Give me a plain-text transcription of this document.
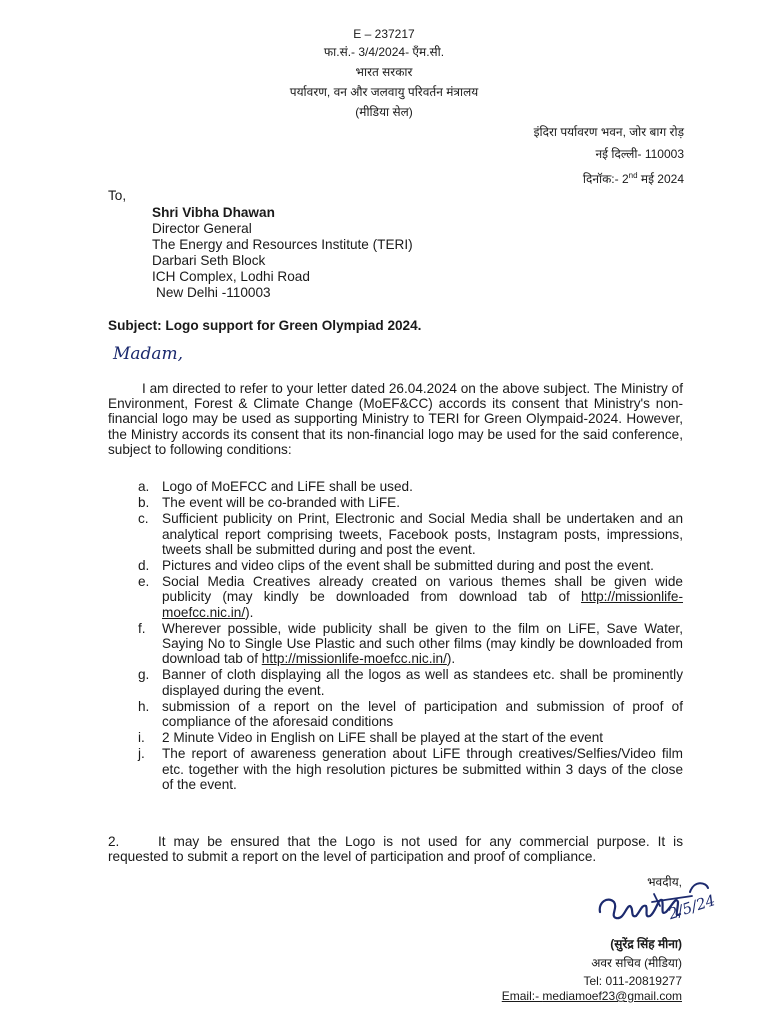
E – 237217
फा.सं.- 3/4/2024- एँम.सी.
भारत सरकार
पर्यावरण, वन और जलवायु परिवर्तन मंत्रालय
(मीडिया सेल)
इंदिरा पर्यावरण भवन, जोर बाग रोड़
नई दिल्ली- 110003
दिनॉक:- 2nd मई 2024
To,
Shri Vibha Dhawan
Director General
The Energy and Resources Institute (TERI)
Darbari Seth Block
ICH Complex, Lodhi Road
New Delhi -110003
Subject: Logo support for Green Olympiad 2024.
Madam,
I am directed to refer to your letter dated 26.04.2024 on the above subject. The Ministry of Environment, Forest & Climate Change (MoEF&CC) accords its consent that Ministry's non-financial logo may be used as supporting Ministry to TERI for Green Olympaid-2024. However, the Ministry accords its consent that its non-financial logo may be used for the said conference, subject to following conditions:
a. Logo of MoEFCC and LiFE shall be used.
b. The event will be co-branded with LiFE.
c. Sufficient publicity on Print, Electronic and Social Media shall be undertaken and an analytical report comprising tweets, Facebook posts, Instagram posts, impressions, tweets shall be submitted during and post the event.
d. Pictures and video clips of the event shall be submitted during and post the event.
e. Social Media Creatives already created on various themes shall be given wide publicity (may kindly be downloaded from download tab of http://missionlife-moefcc.nic.in/).
f. Wherever possible, wide publicity shall be given to the film on LiFE, Save Water, Saying No to Single Use Plastic and such other films (may kindly be downloaded from download tab of http://missionlife-moefcc.nic.in/).
g. Banner of cloth displaying all the logos as well as standees etc. shall be prominently displayed during the event.
h. submission of a report on the level of participation and submission of proof of compliance of the aforesaid conditions
i. 2 Minute Video in English on LiFE shall be played at the start of the event
j. The report of awareness generation about LiFE through creatives/Selfies/Video film etc. together with the high resolution pictures be submitted within 3 days of the close of the event.
2.	It may be ensured that the Logo is not used for any commercial purpose. It is requested to submit a report on the level of participation and proof of compliance.
भवदीय,
2/5/24
(सुरेंद्र सिंह मीना)
अवर सचिव (मीडिया)
Tel: 011-20819277
Email:- mediamoef23@gmail.com
